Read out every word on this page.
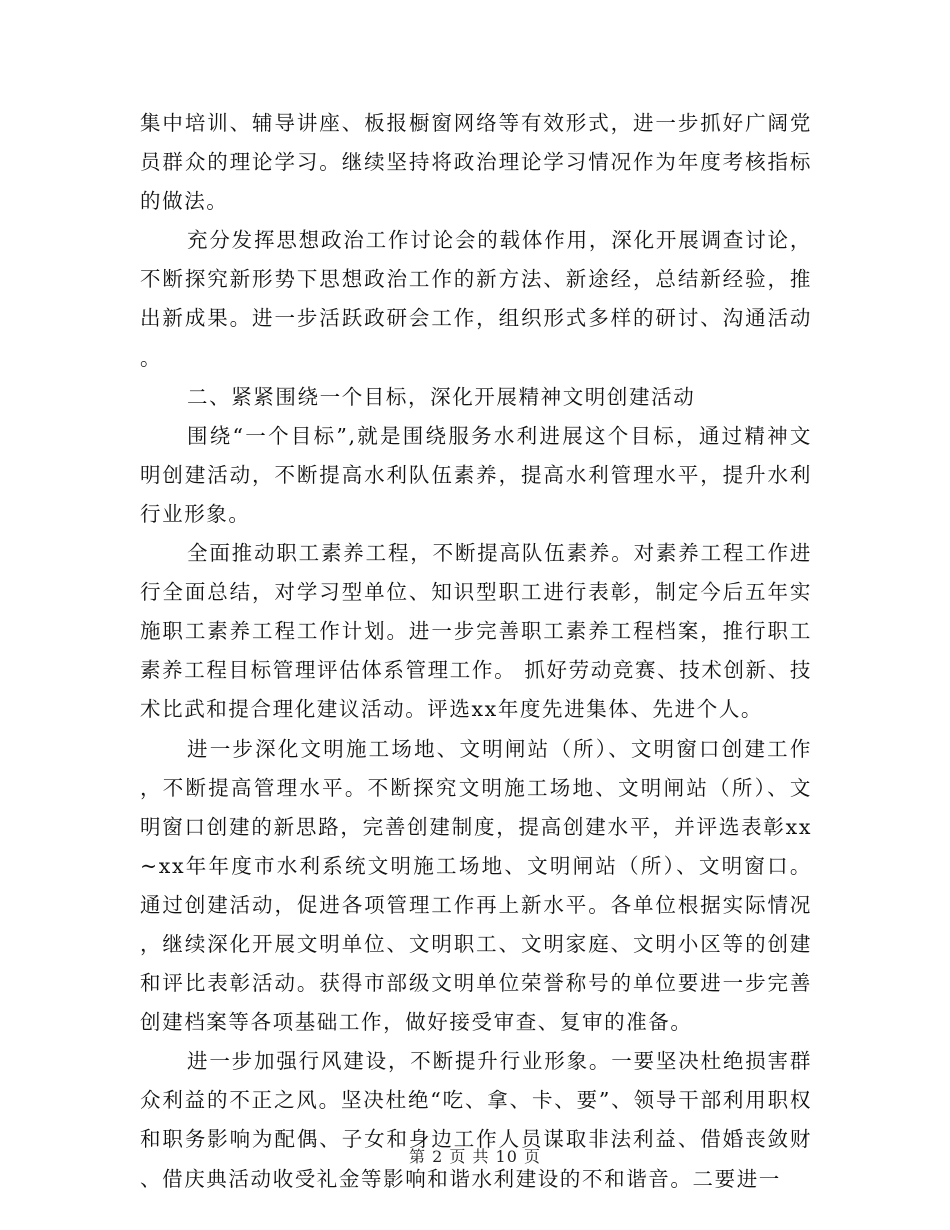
集中培训、辅导讲座、板报橱窗网络等有效形式，进一步抓好广阔党员群众的理论学习。继续坚持将政治理论学习情况作为年度考核指标的做法。

充分发挥思想政治工作讨论会的载体作用，深化开展调查讨论，不断探究新形势下思想政治工作的新方法、新途经，总结新经验，推出新成果。进一步活跃政研会工作，组织形式多样的研讨、沟通活动。

二、紧紧围绕一个目标，深化开展精神文明创建活动

围绕“一个目标”,就是围绕服务水利进展这个目标，通过精神文明创建活动，不断提高水利队伍素养，提高水利管理水平，提升水利行业形象。

全面推动职工素养工程，不断提高队伍素养。对素养工程工作进行全面总结，对学习型单位、知识型职工进行表彰，制定今后五年实施职工素养工程工作计划。进一步完善职工素养工程档案，推行职工素养工程目标管理评估体系管理工作。 抓好劳动竞赛、技术创新、技术比武和提合理化建议活动。评选xx年度先进集体、先进个人。

进一步深化文明施工场地、文明闸站（所）、文明窗口创建工作，不断提高管理水平。不断探究文明施工场地、文明闸站（所）、文明窗口创建的新思路，完善创建制度，提高创建水平，并评选表彰xx~xx年年度市水利系统文明施工场地、文明闸站（所）、文明窗口。通过创建活动，促进各项管理工作再上新水平。各单位根据实际情况，继续深化开展文明单位、文明职工、文明家庭、文明小区等的创建和评比表彰活动。获得市部级文明单位荣誉称号的单位要进一步完善创建档案等各项基础工作，做好接受审查、复审的准备。

进一步加强行风建设，不断提升行业形象。一要坚决杜绝损害群众利益的不正之风。坚决杜绝“吃、拿、卡、要”、领导干部利用职权和职务影响为配偶、子女和身边工作人员谋取非法利益、借婚丧敛财、借庆典活动收受礼金等影响和谐水利建设的不和谐音。二要进一

第 2 页 共 10 页
